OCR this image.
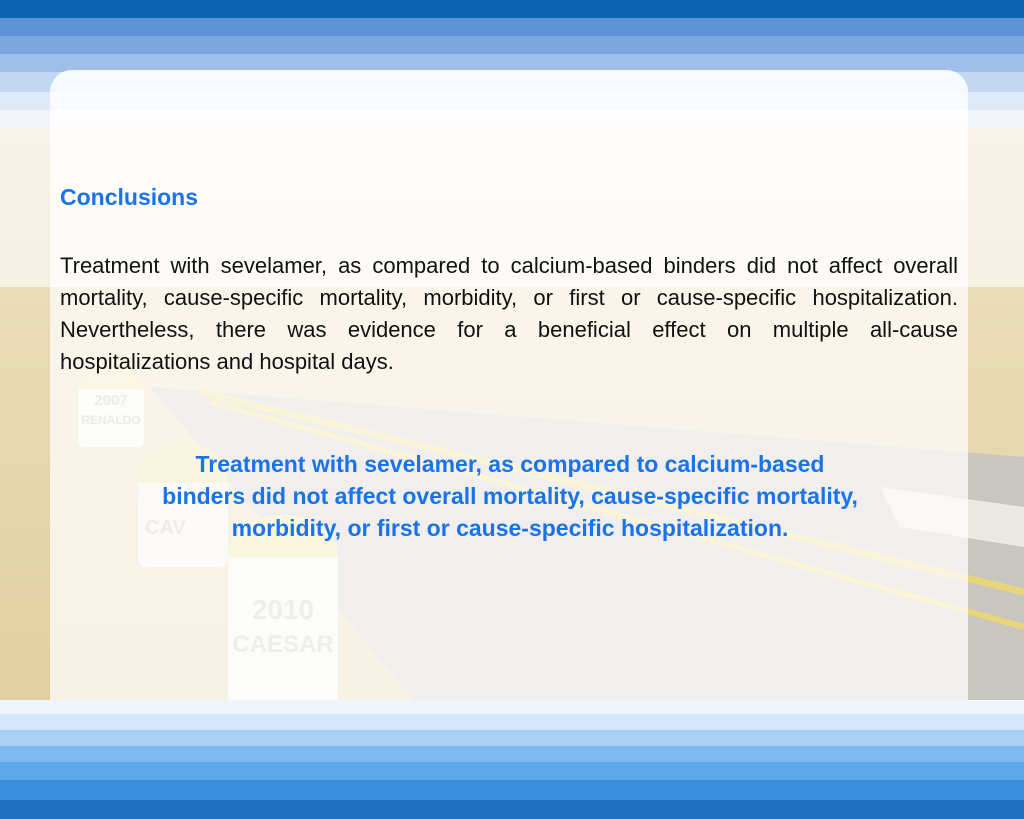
Conclusions
Treatment with sevelamer, as compared to calcium-based binders did not affect overall mortality, cause-specific mortality, morbidity, or first or cause-specific hospitalization. Nevertheless, there was evidence for a beneficial effect on multiple all-cause hospitalizations and hospital days.
Treatment with sevelamer, as compared to calcium-based
binders did not affect overall mortality, cause-specific mortality,
morbidity, or first or cause-specific hospitalization.
